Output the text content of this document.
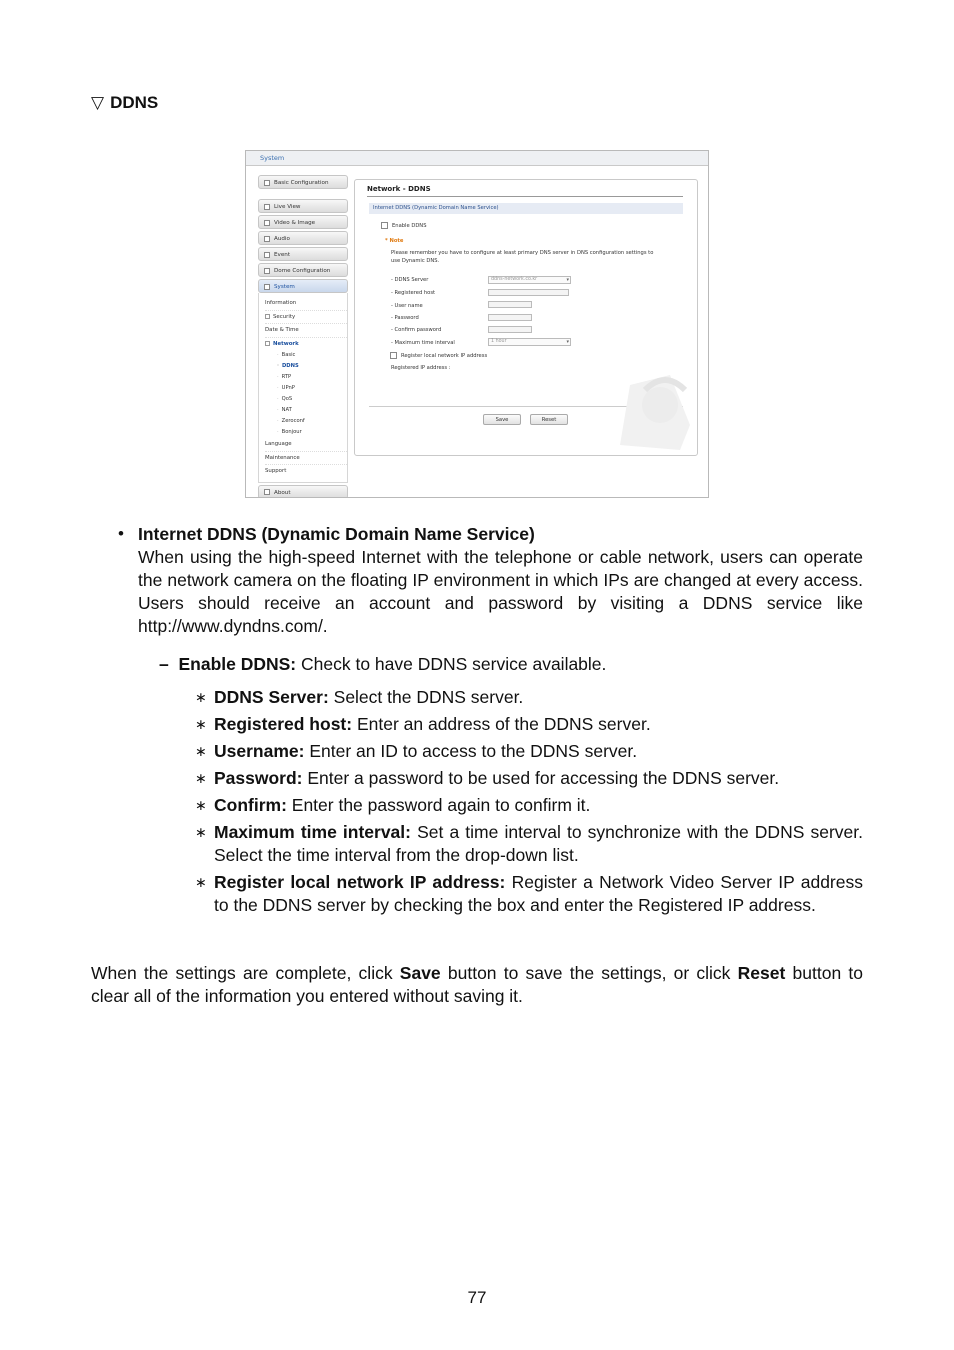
▽ DDNS
System
Basic Configuration
Live View
Video & Image
Audio
Event
Dome Configuration
System
Information
Security
Date & Time
Network
· Basic
· DDNS
· RTP
· UPnP
· QoS
· NAT
· Zeroconf
· Bonjour
Language
Maintenance
Support
About
Network - DDNS
Internet DDNS (Dynamic Domain Name Service)
Enable DDNS
* Note
Please remember you have to configure at least primary DNS server in DNS configuration settings to use Dynamic DNS.
- DDNS Server	ddns-network.co.kr	▾
- Registered host
- User name
- Password
- Confirm password
- Maximum time interval	1 hour	▾
Register local network IP address
Registered IP address :
Save	Reset
• Internet DDNS (Dynamic Domain Name Service)
When using the high-speed Internet with the telephone or cable network, users can operate the network camera on the floating IP environment in which IPs are changed at every access. Users should receive an account and password by visiting a DDNS service like http://www.dyndns.com/.
– Enable DDNS: Check to have DDNS service available.
∗ DDNS Server: Select the DDNS server.
∗ Registered host: Enter an address of the DDNS server.
∗ Username: Enter an ID to access to the DDNS server.
∗ Password: Enter a password to be used for accessing the DDNS server.
∗ Confirm: Enter the password again to confirm it.
∗ Maximum time interval: Set a time interval to synchronize with the DDNS server. Select the time interval from the drop-down list.
∗ Register local network IP address: Register a Network Video Server IP address to the DDNS server by checking the box and enter the Registered IP address.
When the settings are complete, click Save button to save the settings, or click Reset button to clear all of the information you entered without saving it.
77
